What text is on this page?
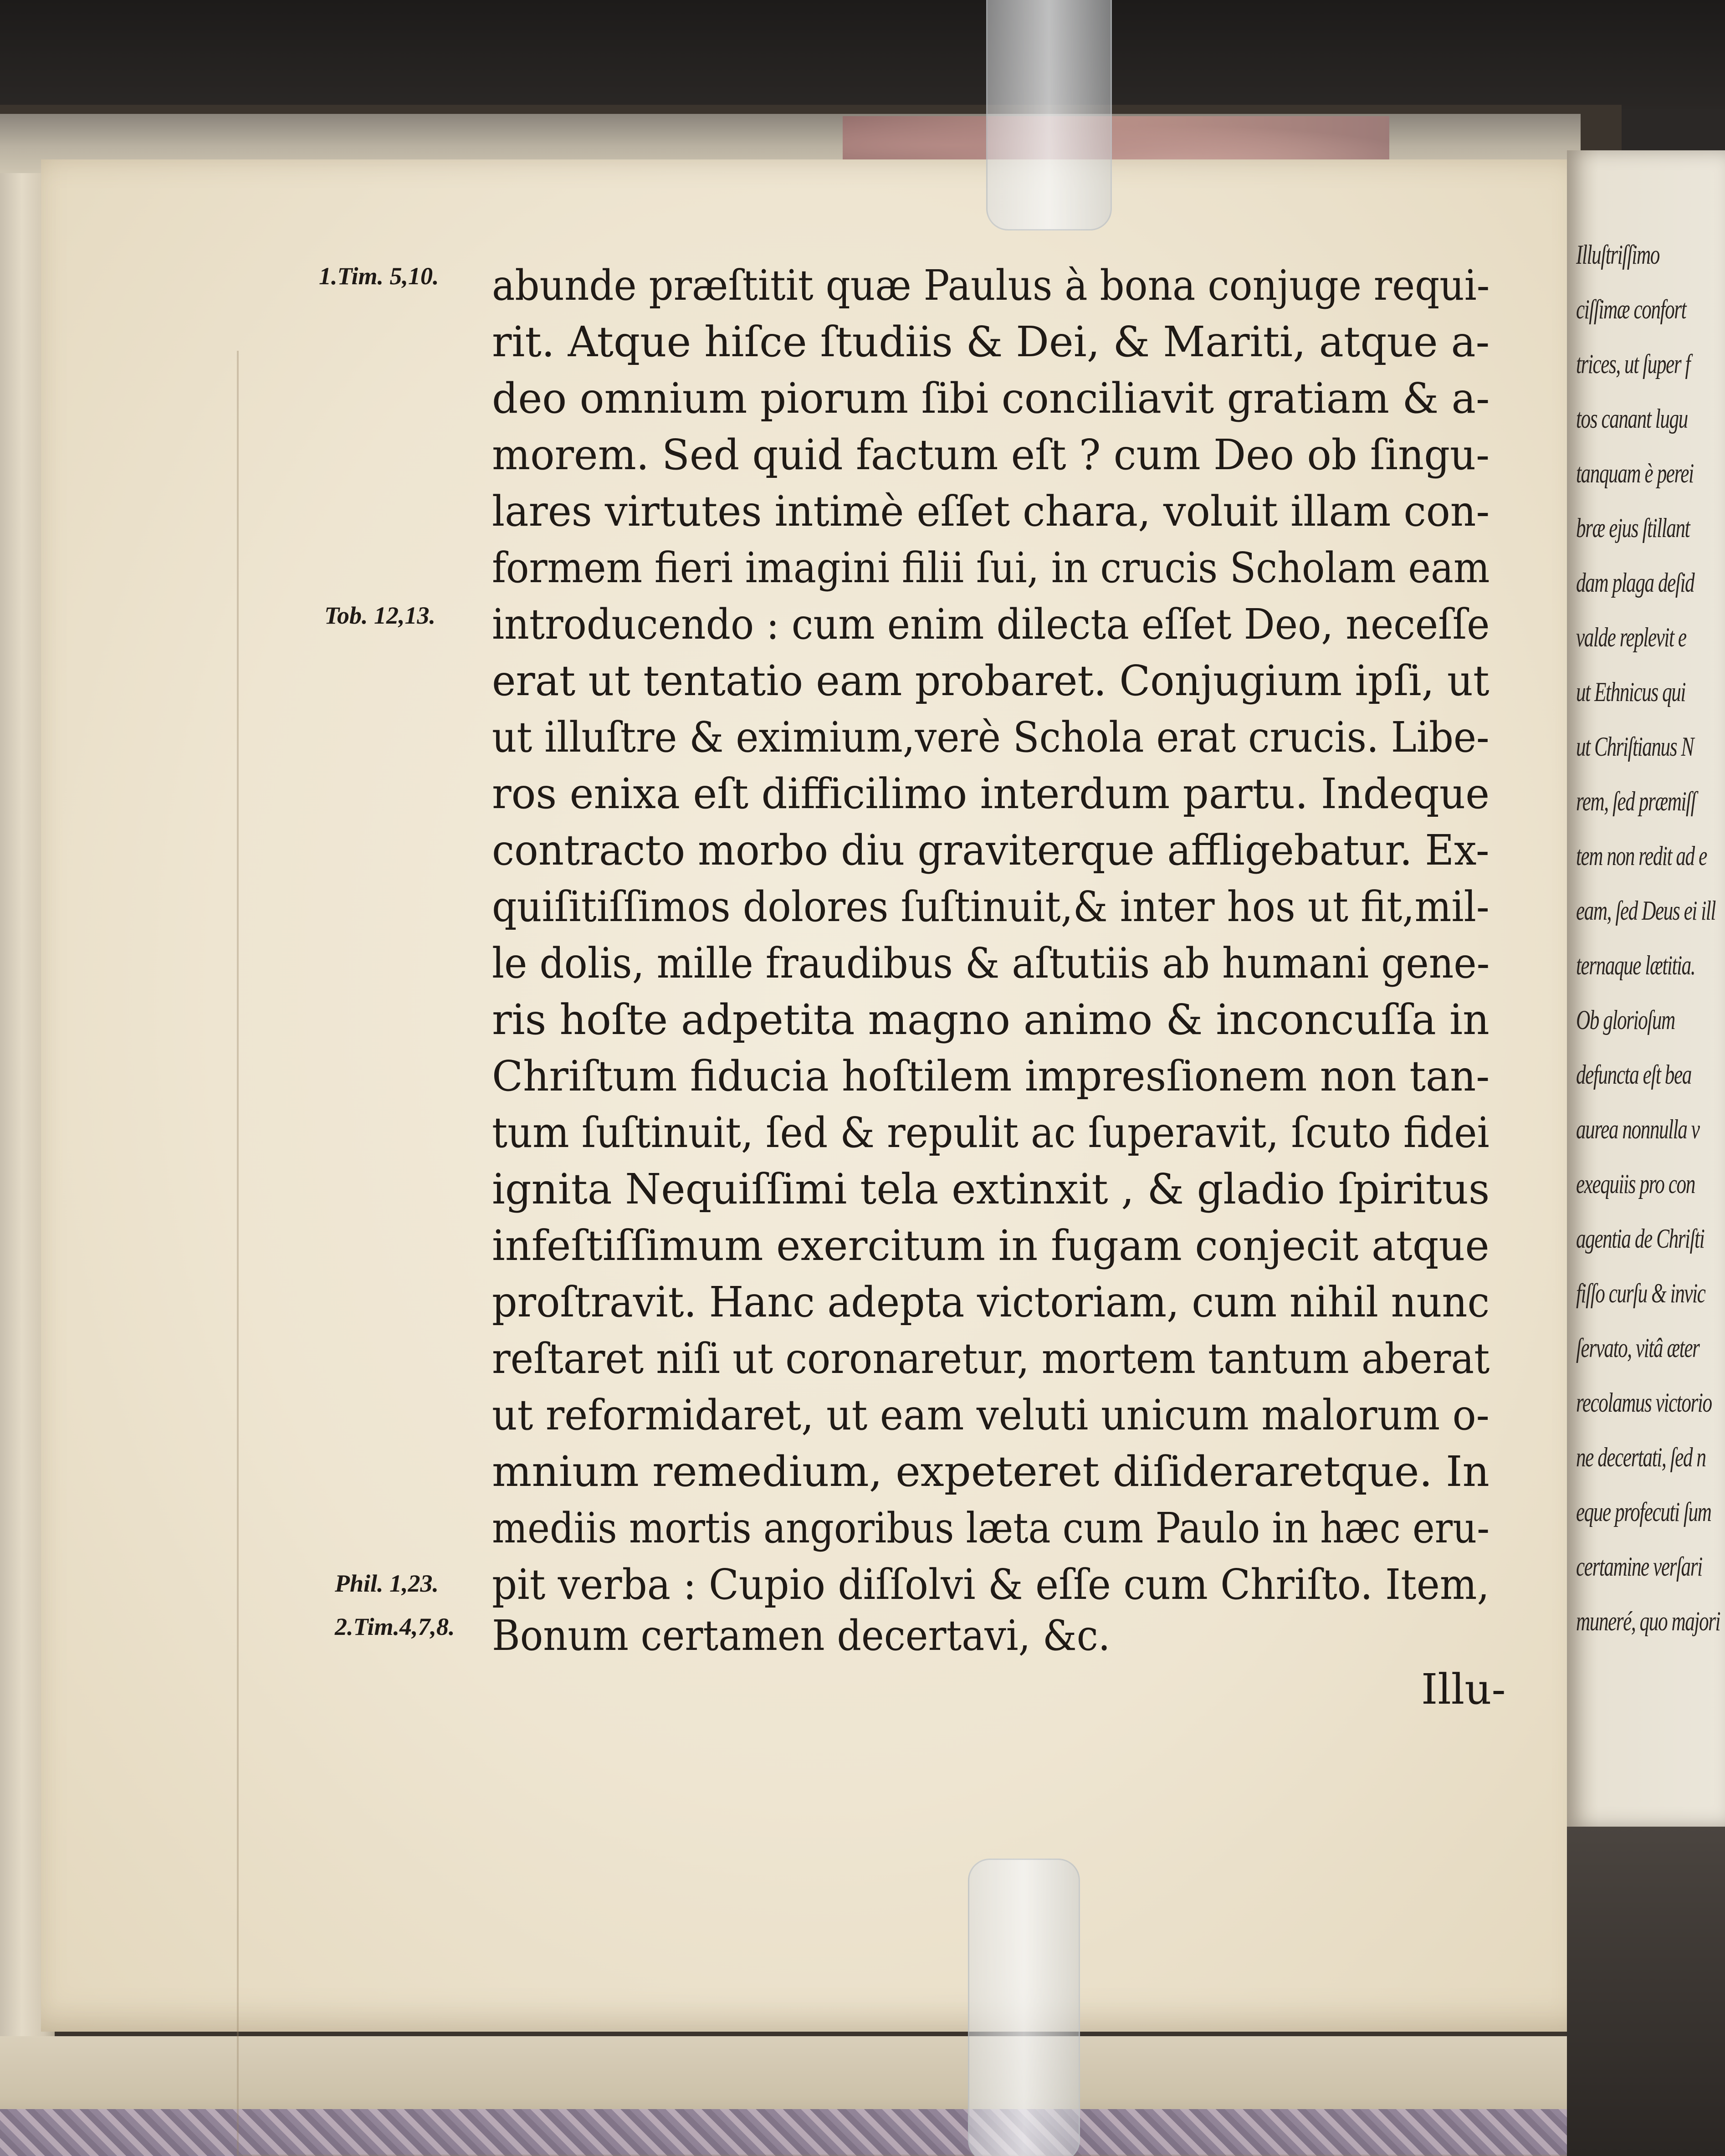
1.Tim. 5,10.
Tob. 12,13.
Phil. 1,23.
2.Tim.4,7,8.
abunde præſtitit quæ Paulus à bona conjuge requi-
rit. Atque hiſce ſtudiis & Dei, & Mariti, atque a-
deo omnium piorum ſibi conciliavit gratiam & a-
morem. Sed quid factum eſt ? cum Deo ob ſingu-
lares virtutes intimè eſſet chara, voluit illam con-
formem fieri imagini filii ſui, in crucis Scholam eam
introducendo : cum enim dilecta eſſet Deo, neceſſe
erat ut tentatio eam probaret. Conjugium ipſi, ut
ut illuſtre & eximium,verè Schola erat crucis. Libe-
ros enixa eſt difficilimo interdum partu. Indeque
contracto morbo diu graviterque affligebatur. Ex-
quiſitiſſimos dolores ſuſtinuit,& inter hos ut fit,mil-
le dolis, mille fraudibus & aſtutiis ab humani gene-
ris hoſte adpetita magno animo & inconcuſſa in
Chriſtum fiducia hoſtilem impresſionem non tan-
tum ſuſtinuit, ſed & repulit ac ſuperavit, ſcuto fidei
ignita Nequiſſimi tela extinxit , & gladio ſpiritus
infeſtiſſimum exercitum in fugam conjecit atque
proſtravit. Hanc adepta victoriam, cum nihil nunc
reſtaret niſi ut coronaretur, mortem tantum aberat
ut reformidaret, ut eam veluti unicum malorum o-
mnium remedium, expeteret diſideraretque. In
mediis mortis angoribus læta cum Paulo in hæc eru-
pit verba : Cupio diſſolvi & eſſe cum Chriſto. Item,
Bonum certamen decertavi, &c.
Illu-
Illuſtriſſimo
ciſſimæ confort
trices, ut ſuper f
tos canant lugu
tanquam è perei
bræ ejus ſtillant
dam plaga deſid
valde replevit e
ut Ethnicus qui
ut Chriſtianus N
rem, ſed præmiſſ
tem non redit ad e
eam, ſed Deus ei ill
ternaque lætitia.
Ob glorioſum
defuncta eſt bea
aurea nonnulla v
exequiis pro con
agentia de Chriſti
fiſſo curſu & invic
ſervato, vitâ æter
recolamus victorio
ne decertati, ſed n
eque profecuti ſum
certamine verſari
muneré, quo majori
